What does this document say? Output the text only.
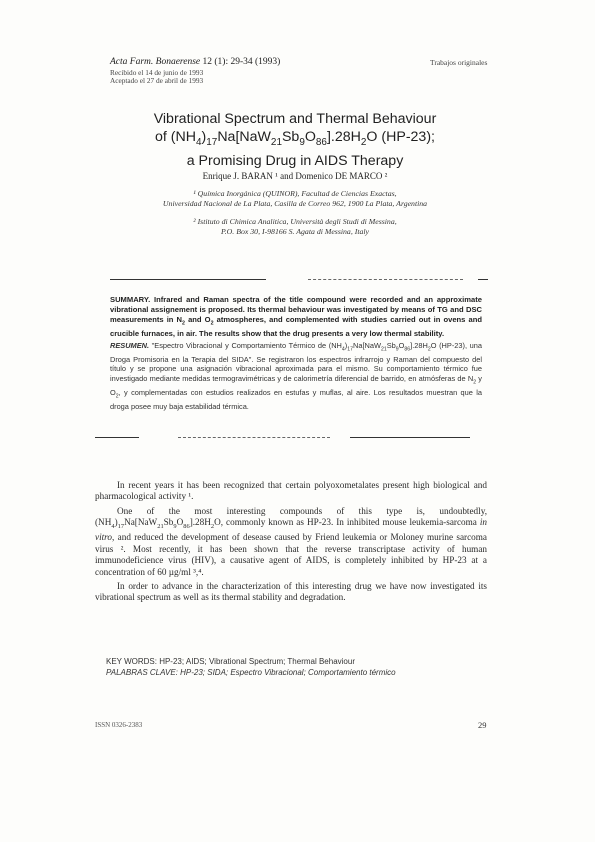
Acta Farm. Bonaerense 12 (1): 29-34 (1993)
Recibido el 14 de junio de 1993
Aceptado el 27 de abril de 1993
Trabajos originales
Vibrational Spectrum and Thermal Behaviour
of $(NH_4)_{17}Na[NaW_{21}Sb_9O_{86}].28H_2O$ (HP-23);
a Promising Drug in AIDS Therapy
Enrique J. BARAN ¹ and Domenico DE MARCO ²
¹ Química Inorgánica (QUINOR), Facultad de Ciencias Exactas,
Universidad Nacional de La Plata, Casilla de Correo 962, 1900 La Plata, Argentina
² Istituto di Chimica Analitica, Università degli Studi di Messina,
P.O. Box 30, I-98166 S. Agata di Messina, Italy
SUMMARY. Infrared and Raman spectra of the title compound were recorded and an approximate vibrational assignement is proposed. Its thermal behaviour was investigated by means of TG and DSC measurements in $N_2$ and $O_2$ atmospheres, and complemented with studies carried out in ovens and crucible furnaces, in air. The results show that the drug presents a very low thermal stability.
RESUMEN. "Espectro Vibracional y Comportamiento Térmico de $(NH_4)_{17}Na[NaW_{21}Sb_9O_{86}].28H_2O$ (HP-23), una Droga Promisoria en la Terapia del SIDA". Se registraron los espectros infrarrojo y Raman del compuesto del título y se propone una asignación vibracional aproximada para el mismo. Su comportamiento térmico fue investigado mediante medidas termogravimétricas y de calorimetría diferencial de barrido, en atmósferas de $N_2$ y $O_2$, y complementadas con estudios realizados en estufas y muflas, al aire. Los resultados muestran que la droga posee muy baja estabilidad térmica.

In recent years it has been recognized that certain polyoxometalates present high biological and pharmacological activity ¹.

One of the most interesting compounds of this type is, undoubtedly, $(NH_4)_{17}Na[NaW_{21}Sb_9O_{86}].28H_2O$, commonly known as HP-23. In inhibited mouse leukemia-sarcoma in vitro, and reduced the development of desease caused by Friend leukemia or Moloney murine sarcoma virus ². Most recently, it has been shown that the reverse transcriptase activity of human immunodeficience virus (HIV), a causative agent of AIDS, is completely inhibited by HP-23 at a concentration of 60 µg/ml ³,⁴.

In order to advance in the characterization of this interesting drug we have now investigated its vibrational spectrum as well as its thermal stability and degradation.

KEY WORDS: HP-23; AIDS; Vibrational Spectrum; Thermal Behaviour
PALABRAS CLAVE: HP-23; SIDA; Espectro Vibracional; Comportamiento térmico
ISSN 0326-2383	29
